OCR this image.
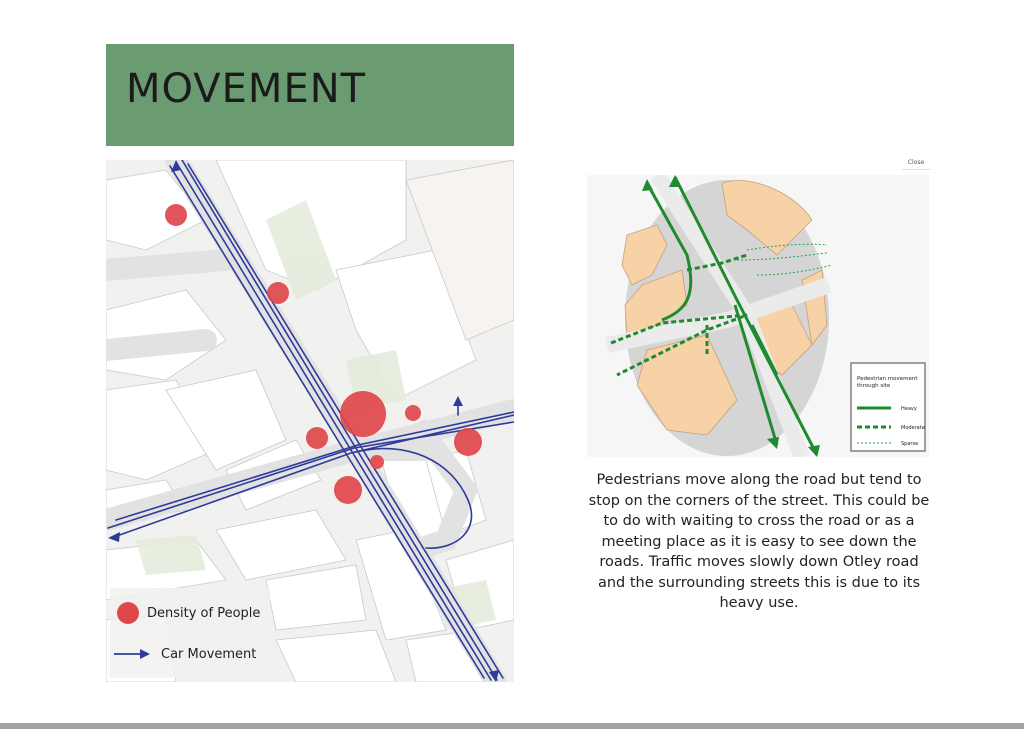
MOVEMENT
Density of People
Car Movement
Close
Pedestrian movement
through site
Heavy
Moderate
Sparse
Pedestrians move along the road but tend to stop on the corners of the street. This could be to do with waiting to cross the road or as a meeting place as it is easy to see down the roads. Traffic moves slowly down Otley road and the surrounding streets this is due to its heavy use.
